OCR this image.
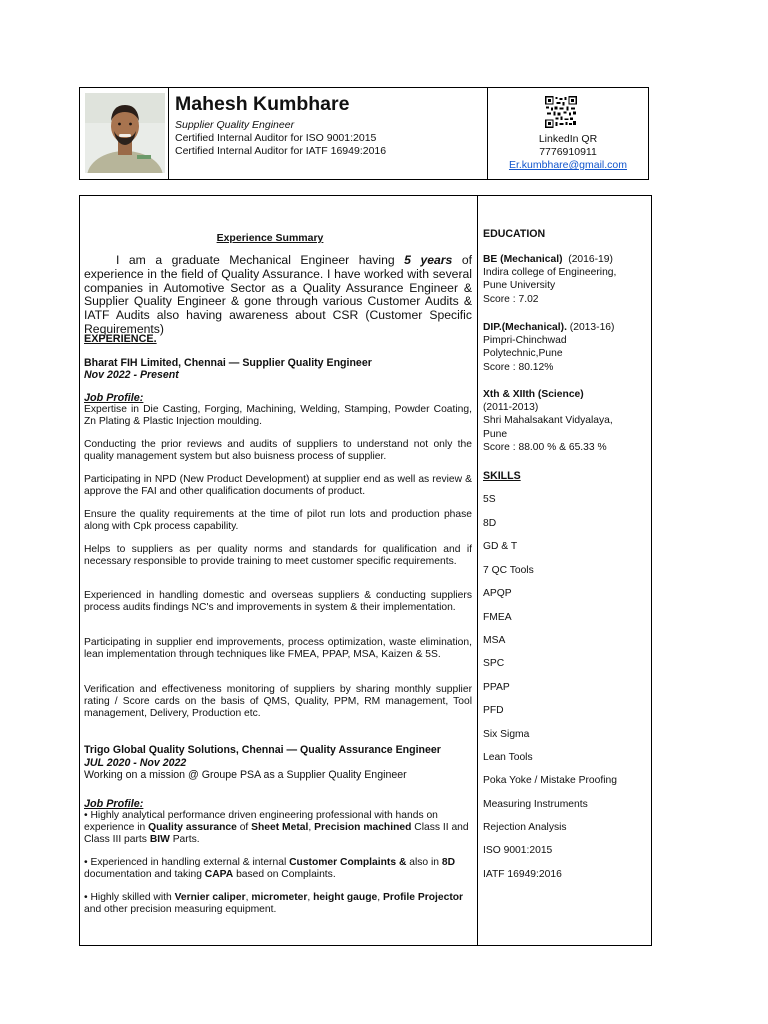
Mahesh Kumbhare
Supplier Quality Engineer
Certified Internal Auditor for ISO 9001:2015
Certified Internal Auditor for IATF 16949:2016
LinkedIn QR
7776910911
Er.kumbhare@gmail.com
Experience Summary
I am a graduate Mechanical Engineer having 5 years of experience in the field of Quality Assurance. I have worked with several companies in Automotive Sector as a Quality Assurance Engineer & Supplier Quality Engineer & gone through various Customer Audits & IATF Audits also having awareness about CSR (Customer Specific Requirements)
EXPERIENCE.
Bharat FIH Limited, Chennai — Supplier Quality Engineer
Nov 2022 - Present
Job Profile:
Expertise in Die Casting, Forging, Machining, Welding, Stamping, Powder Coating, Zn Plating & Plastic Injection moulding.
Conducting the prior reviews and audits of suppliers to understand not only the quality management system but also buisness process of supplier.
Participating in NPD (New Product Development) at supplier end as well as review & approve the FAI and other qualification documents of product.
Ensure the quality requirements at the time of pilot run lots and production phase along with Cpk process capability.
Helps to suppliers as per quality norms and standards for qualification and if necessary responsible to provide training to meet customer specific requirements.
Experienced in handling domestic and overseas suppliers & conducting suppliers process audits findings NC's and improvements in system & their implementation.
Participating in supplier end improvements, process optimization, waste elimination, lean implementation through techniques like FMEA, PPAP, MSA, Kaizen & 5S.
Verification and effectiveness monitoring of suppliers by sharing monthly supplier rating / Score cards on the basis of QMS, Quality, PPM, RM management, Tool management, Delivery, Production etc.
Trigo Global Quality Solutions, Chennai — Quality Assurance Engineer
JUL 2020 - Nov 2022
Working on a mission @ Groupe PSA as a Supplier Quality Engineer
Job Profile:
• Highly analytical performance driven engineering professional with hands on experience in Quality assurance of Sheet Metal, Precision machined Class II and Class III parts BIW Parts.
• Experienced in handling external & internal Customer Complaints & also in 8D documentation and taking CAPA based on Complaints.
• Highly skilled with Vernier caliper, micrometer, height gauge, Profile Projector and other precision measuring equipment.
EDUCATION
BE (Mechanical)  (2016-19)
Indira college of Engineering,
Pune University
Score : 7.02
DIP.(Mechanical). (2013-16)
Pimpri-Chinchwad
Polytechnic,Pune
Score : 80.12%
Xth & XIIth (Science)
(2011-2013)
Shri Mahalsakant Vidyalaya,
Pune
Score : 88.00 % & 65.33 %
SKILLS
5S
8D
GD & T
7 QC Tools
APQP
FMEA
MSA
SPC
PPAP
PFD
Six Sigma
Lean Tools
Poka Yoke / Mistake Proofing
Measuring Instruments
Rejection Analysis
ISO 9001:2015
IATF 16949:2016
